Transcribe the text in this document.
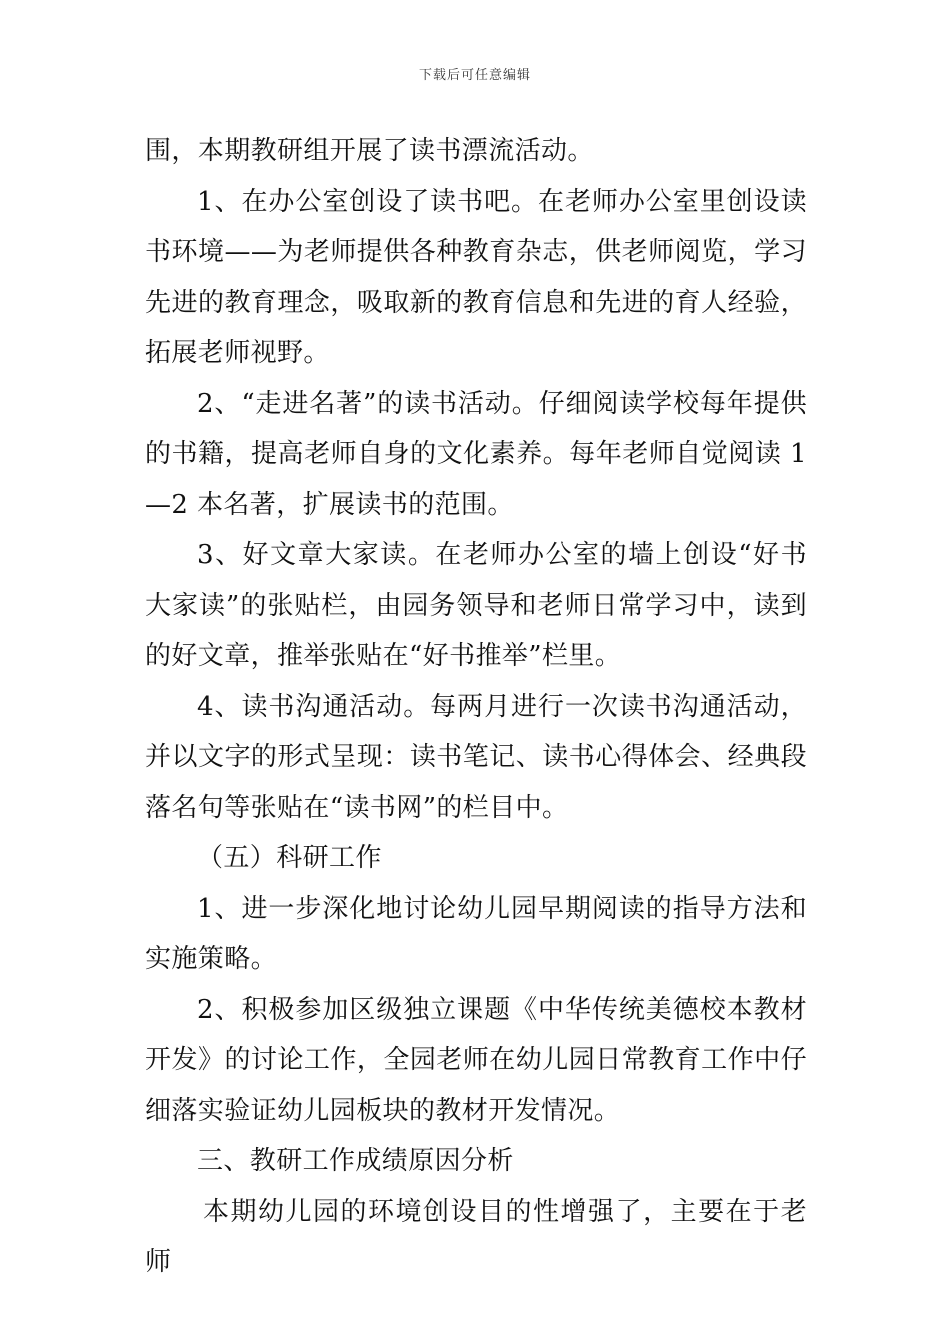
下载后可任意编辑

围，本期教研组开展了读书漂流活动。

1、在办公室创设了读书吧。在老师办公室里创设读书环境——为老师提供各种教育杂志，供老师阅览，学习先进的教育理念，吸取新的教育信息和先进的育人经验，拓展老师视野。

2、“走进名著”的读书活动。仔细阅读学校每年提供的书籍，提高老师自身的文化素养。每年老师自觉阅读 1—2 本名著，扩展读书的范围。

3、好文章大家读。在老师办公室的墙上创设“好书大家读”的张贴栏，由园务领导和老师日常学习中，读到的好文章，推举张贴在“好书推举”栏里。

4、读书沟通活动。每两月进行一次读书沟通活动，并以文字的形式呈现：读书笔记、读书心得体会、经典段落名句等张贴在“读书网”的栏目中。

（五）科研工作

1、进一步深化地讨论幼儿园早期阅读的指导方法和实施策略。

2、积极参加区级独立课题《中华传统美德校本教材开发》的讨论工作，全园老师在幼儿园日常教育工作中仔细落实验证幼儿园板块的教材开发情况。

三、教研工作成绩原因分析

本期幼儿园的环境创设目的性增强了，主要在于老师
